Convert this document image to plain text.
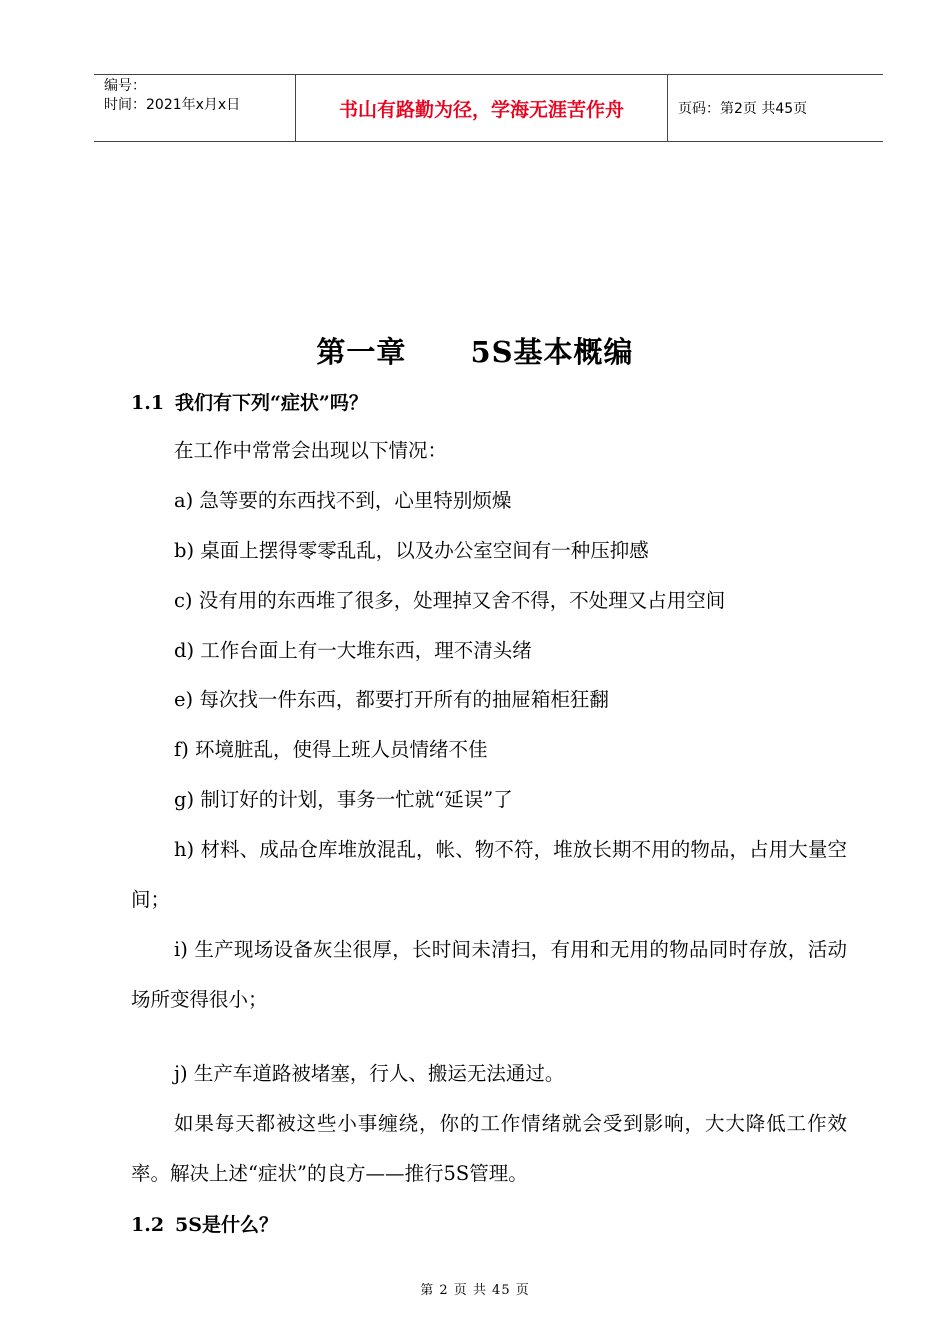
编号：
时间：2021年x月x日	书山有路勤为径，学海无涯苦作舟	页码：第2页 共45页
第一章 5S基本概编
1.1 我们有下列“症状”吗？
在工作中常常会出现以下情况：
a) 急等要的东西找不到，心里特别烦燥
b) 桌面上摆得零零乱乱，以及办公室空间有一种压抑感
c) 没有用的东西堆了很多，处理掉又舍不得，不处理又占用空间
d) 工作台面上有一大堆东西，理不清头绪
e) 每次找一件东西，都要打开所有的抽屉箱柜狂翻
f) 环境脏乱，使得上班人员情绪不佳
g) 制订好的计划，事务一忙就“延误”了
h) 材料、成品仓库堆放混乱，帐、物不符，堆放长期不用的物品，占用大量空间；
i) 生产现场设备灰尘很厚，长时间未清扫，有用和无用的物品同时存放，活动场所变得很小；
j) 生产车道路被堵塞，行人、搬运无法通过。
如果每天都被这些小事缠绕，你的工作情绪就会受到影响，大大降低工作效率。解决上述“症状”的良方——推行5S管理。
1.2 5S是什么？
第 2 页 共 45 页
